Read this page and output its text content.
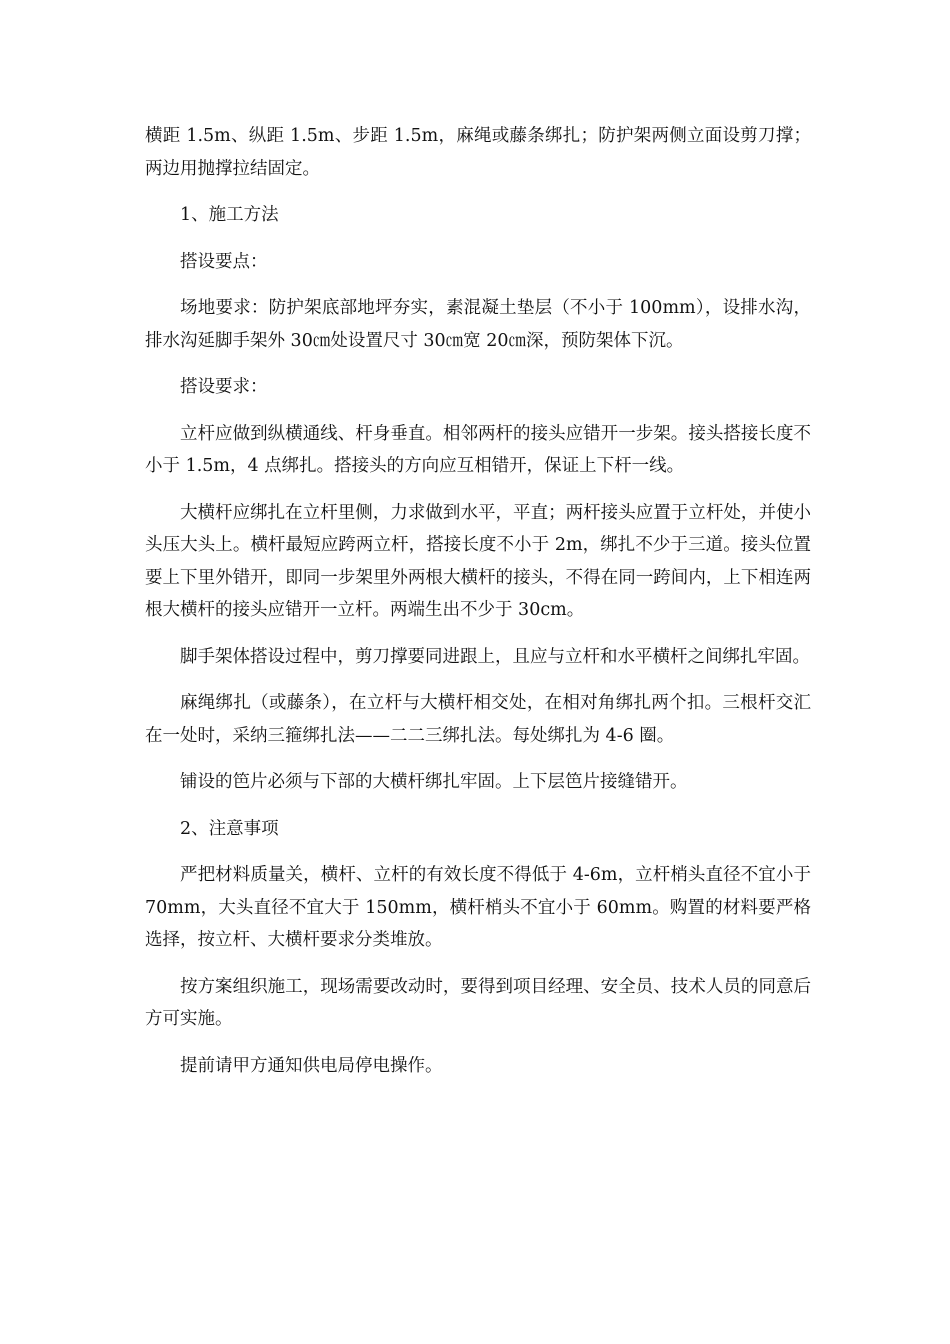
横距 1.5m、纵距 1.5m、步距 1.5m，麻绳或藤条绑扎；防护架两侧立面设剪刀撑；两边用抛撑拉结固定。

1、施工方法

搭设要点：

场地要求：防护架底部地坪夯实，素混凝土垫层（不小于 100mm），设排水沟，排水沟延脚手架外 30㎝处设置尺寸 30㎝宽 20㎝深，预防架体下沉。

搭设要求：

立杆应做到纵横通线、杆身垂直。相邻两杆的接头应错开一步架。接头搭接长度不小于 1.5m，4 点绑扎。搭接头的方向应互相错开，保证上下杆一线。

大横杆应绑扎在立杆里侧，力求做到水平，平直；两杆接头应置于立杆处，并使小头压大头上。横杆最短应跨两立杆，搭接长度不小于 2m，绑扎不少于三道。接头位置要上下里外错开，即同一步架里外两根大横杆的接头，不得在同一跨间内，上下相连两根大横杆的接头应错开一立杆。两端生出不少于 30cm。

脚手架体搭设过程中，剪刀撑要同进跟上，且应与立杆和水平横杆之间绑扎牢固。

麻绳绑扎（或藤条），在立杆与大横杆相交处，在相对角绑扎两个扣。三根杆交汇在一处时，采纳三箍绑扎法——二二三绑扎法。每处绑扎为 4-6 圈。

铺设的笆片必须与下部的大横杆绑扎牢固。上下层笆片接缝错开。

2、注意事项

严把材料质量关，横杆、立杆的有效长度不得低于 4-6m，立杆梢头直径不宜小于 70mm，大头直径不宜大于 150mm，横杆梢头不宜小于 60mm。购置的材料要严格选择，按立杆、大横杆要求分类堆放。

按方案组织施工，现场需要改动时，要得到项目经理、安全员、技术人员的同意后方可实施。

提前请甲方通知供电局停电操作。
